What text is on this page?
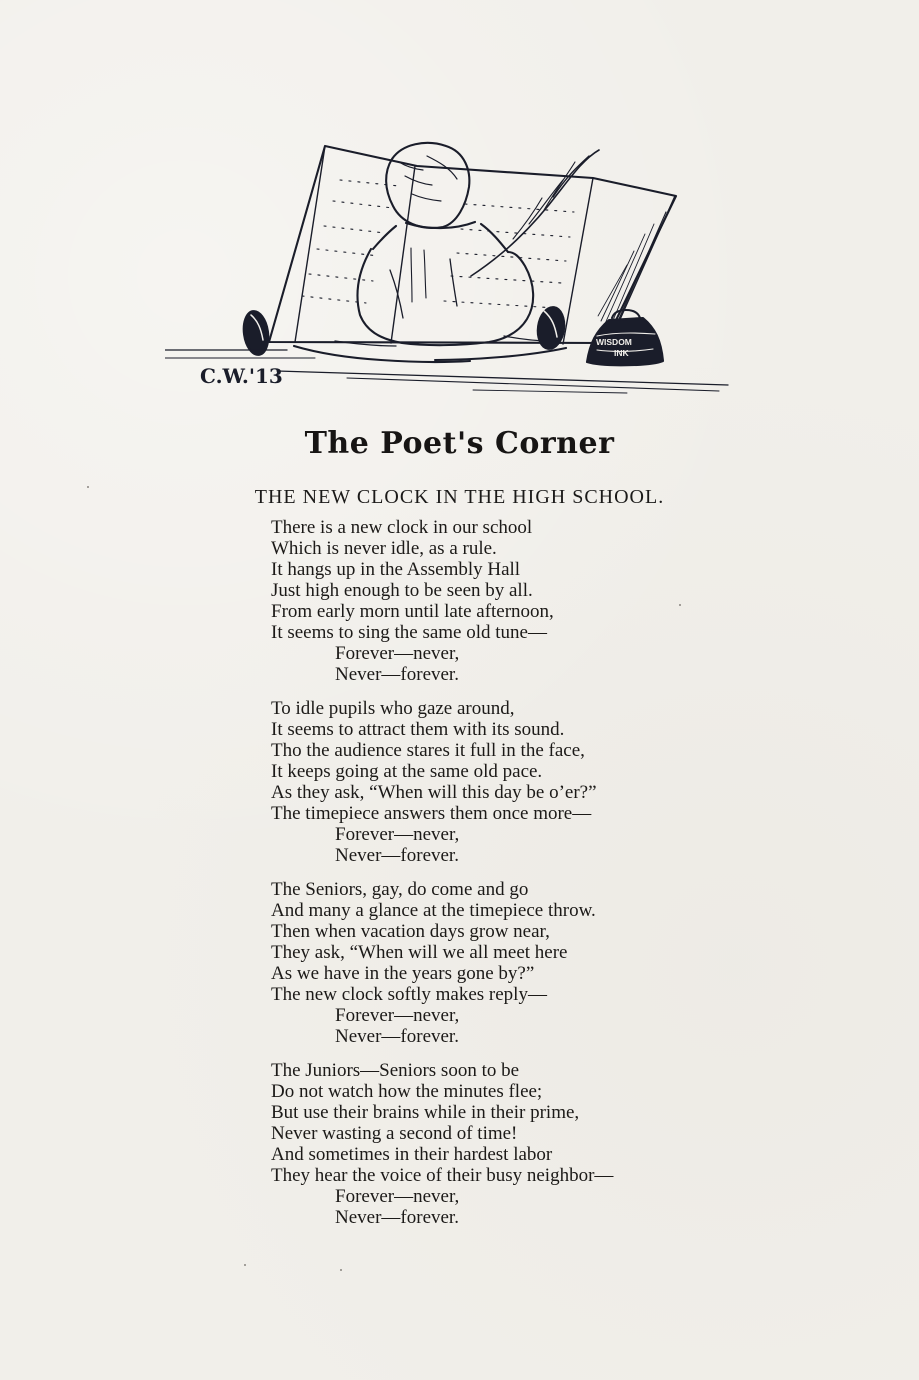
C.W.'13
WISDOM
INK
The Poet's Corner
THE NEW CLOCK IN THE HIGH SCHOOL.
There is a new clock in our school
Which is never idle, as a rule.
It hangs up in the Assembly Hall
Just high enough to be seen by all.
From early morn until late afternoon,
It seems to sing the same old tune—
Forever—never,
Never—forever.
To idle pupils who gaze around,
It seems to attract them with its sound.
Tho the audience stares it full in the face,
It keeps going at the same old pace.
As they ask, “When will this day be o’er?”
The timepiece answers them once more—
Forever—never,
Never—forever.
The Seniors, gay, do come and go
And many a glance at the timepiece throw.
Then when vacation days grow near,
They ask, “When will we all meet here
As we have in the years gone by?”
The new clock softly makes reply—
Forever—never,
Never—forever.
The Juniors—Seniors soon to be
Do not watch how the minutes flee;
But use their brains while in their prime,
Never wasting a second of time!
And sometimes in their hardest labor
They hear the voice of their busy neighbor—
Forever—never,
Never—forever.
